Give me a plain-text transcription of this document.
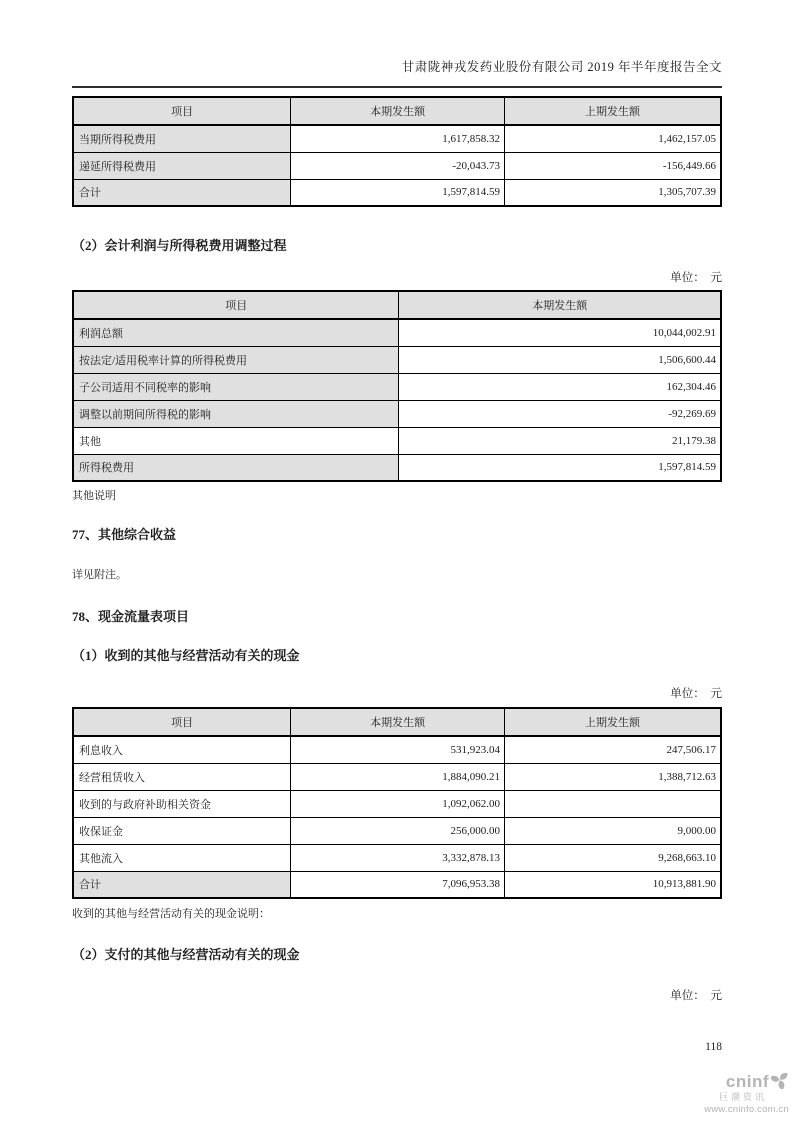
甘肃陇神戎发药业股份有限公司 2019 年半年度报告全文
项目	本期发生额	上期发生额
当期所得税费用	1,617,858.32	1,462,157.05
递延所得税费用	-20,043.73	-156,449.66
合计	1,597,814.59	1,305,707.39
（2）会计利润与所得税费用调整过程
单位：　元
项目	本期发生额
利润总额	10,044,002.91
按法定/适用税率计算的所得税费用	1,506,600.44
子公司适用不同税率的影响	162,304.46
调整以前期间所得税的影响	-92,269.69
其他	21,179.38
所得税费用	1,597,814.59
其他说明
77、其他综合收益
详见附注。
78、现金流量表项目
（1）收到的其他与经营活动有关的现金
单位：　元
项目	本期发生额	上期发生额
利息收入	531,923.04	247,506.17
经营租赁收入	1,884,090.21	1,388,712.63
收到的与政府补助相关资金	1,092,062.00	
收保证金	256,000.00	9,000.00
其他流入	3,332,878.13	9,268,663.10
合计	7,096,953.38	10,913,881.90
收到的其他与经营活动有关的现金说明：
（2）支付的其他与经营活动有关的现金
单位：　元
118
cninf
巨潮资讯
www.cninfo.com.cn
